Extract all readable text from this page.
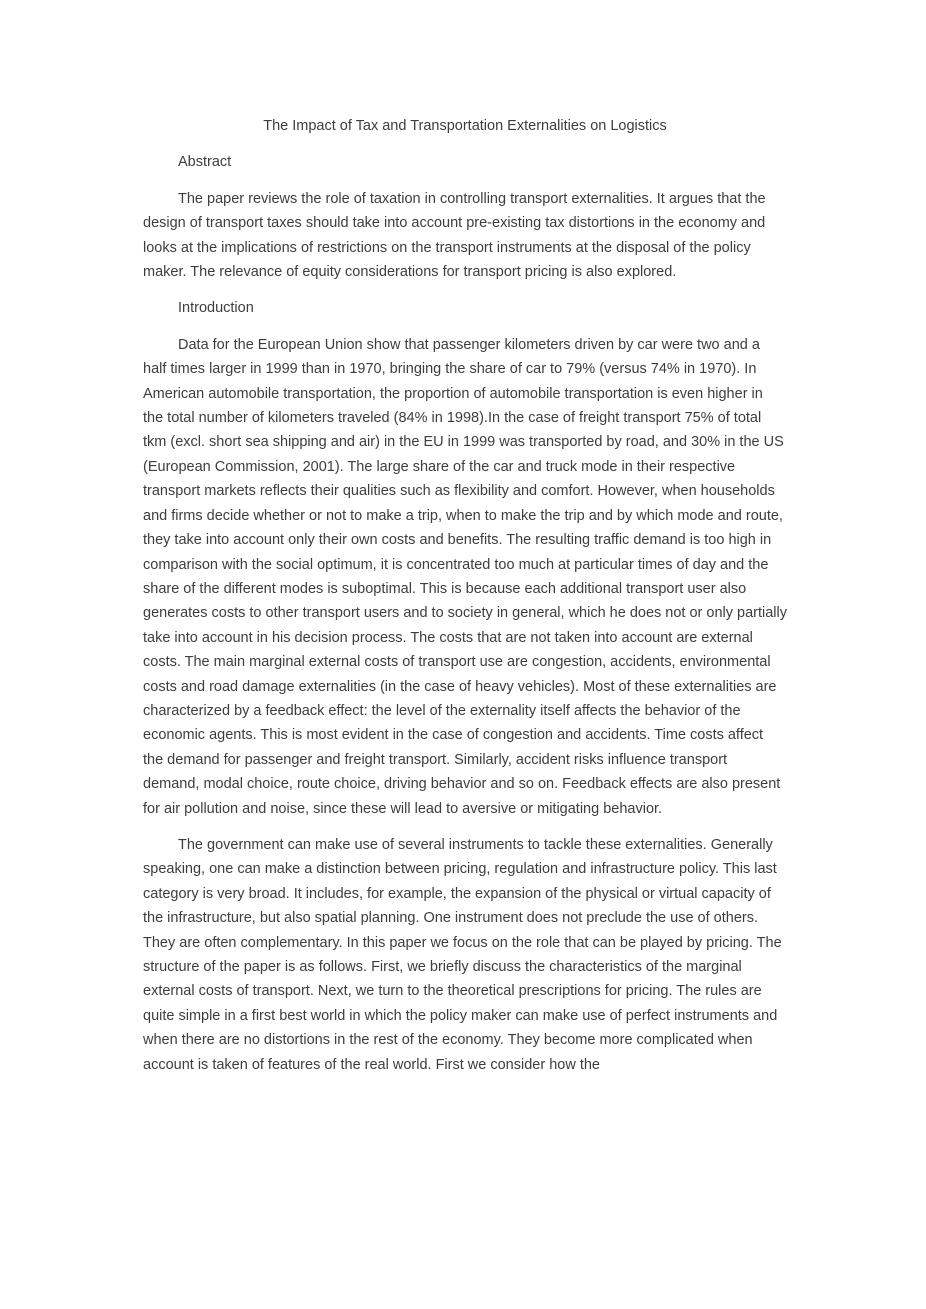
The Impact of Tax and Transportation Externalities on Logistics
Abstract

The paper reviews the role of taxation in controlling transport externalities. It argues that the design of transport taxes should take into account pre-existing tax distortions in the economy and looks at the implications of restrictions on the transport instruments at the disposal of the policy maker. The relevance of equity considerations for transport pricing is also explored.

Introduction

Data for the European Union show that passenger kilometers driven by car were two and a half times larger in 1999 than in 1970, bringing the share of car to 79% (versus 74% in 1970). In American automobile transportation, the proportion of automobile transportation is even higher in the total number of kilometers traveled (84% in 1998).In the case of freight transport 75% of total tkm (excl. short sea shipping and air) in the EU in 1999 was transported by road, and 30% in the US (European Commission, 2001). The large share of the car and truck mode in their respective transport markets reflects their qualities such as flexibility and comfort. However, when households and firms decide whether or not to make a trip, when to make the trip and by which mode and route, they take into account only their own costs and benefits. The resulting traffic demand is too high in comparison with the social optimum, it is concentrated too much at particular times of day and the share of the different modes is suboptimal. This is because each additional transport user also generates costs to other transport users and to society in general, which he does not or only partially take into account in his decision process. The costs that are not taken into account are external costs. The main marginal external costs of transport use are congestion, accidents, environmental costs and road damage externalities (in the case of heavy vehicles). Most of these externalities are characterized by a feedback effect: the level of the externality itself affects the behavior of the economic agents. This is most evident in the case of congestion and accidents. Time costs affect the demand for passenger and freight transport. Similarly, accident risks influence transport demand, modal choice, route choice, driving behavior and so on. Feedback effects are also present for air pollution and noise, since these will lead to aversive or mitigating behavior.

The government can make use of several instruments to tackle these externalities. Generally speaking, one can make a distinction between pricing, regulation and infrastructure policy. This last category is very broad. It includes, for example, the expansion of the physical or virtual capacity of the infrastructure, but also spatial planning. One instrument does not preclude the use of others. They are often complementary. In this paper we focus on the role that can be played by pricing. The structure of the paper is as follows. First, we briefly discuss the characteristics of the marginal external costs of transport. Next, we turn to the theoretical prescriptions for pricing. The rules are quite simple in a first best world in which the policy maker can make use of perfect instruments and when there are no distortions in the rest of the economy. They become more complicated when account is taken of features of the real world. First we consider how the
